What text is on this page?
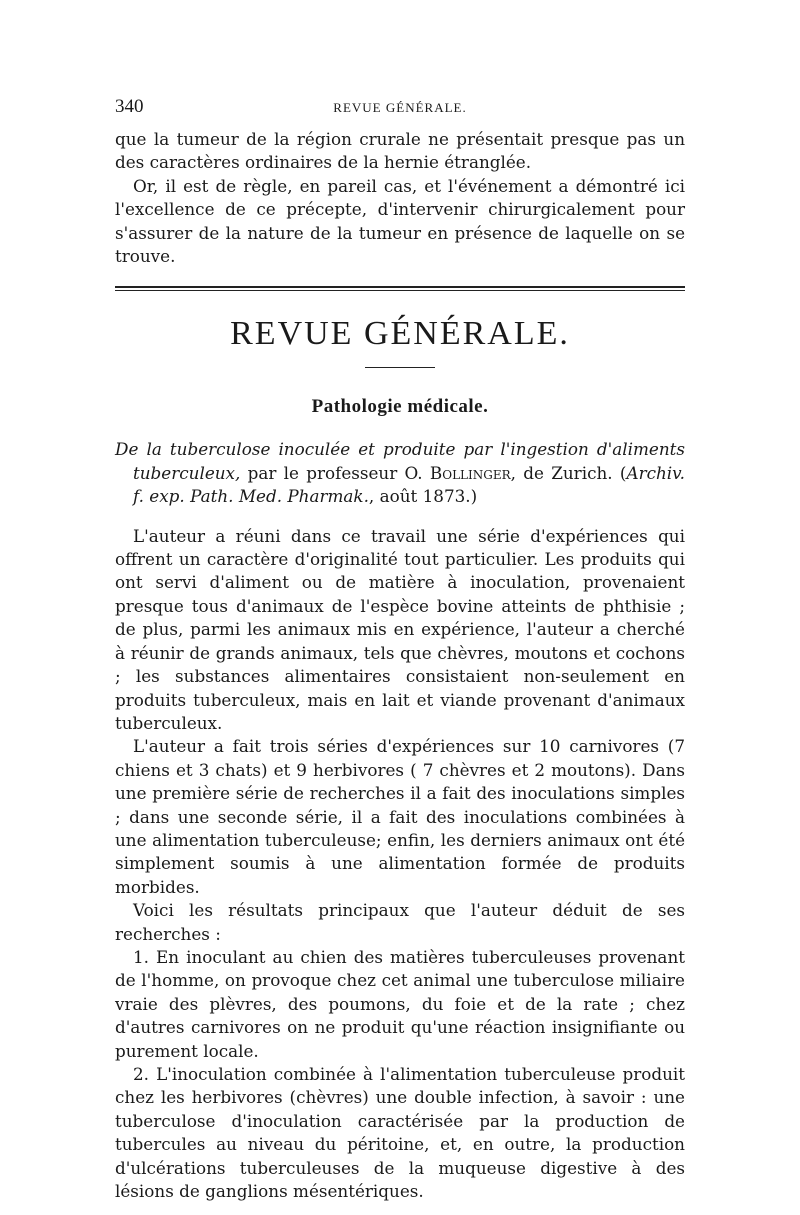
340	REVUE GÉNÉRALE.

que la tumeur de la région crurale ne présentait presque pas un des caractères ordinaires de la hernie étranglée.

Or, il est de règle, en pareil cas, et l'événement a démontré ici l'excellence de ce précepte, d'intervenir chirurgicalement pour s'assurer de la nature de la tumeur en présence de laquelle on se trouve.

REVUE GÉNÉRALE.
Pathologie médicale.

De la tuberculose inoculée et produite par l'ingestion d'aliments tuberculeux, par le professeur O. Bollinger, de Zurich. (Archiv. f. exp. Path. Med. Pharmak., août 1873.)

L'auteur a réuni dans ce travail une série d'expériences qui offrent un caractère d'originalité tout particulier. Les produits qui ont servi d'aliment ou de matière à inoculation, provenaient presque tous d'animaux de l'espèce bovine atteints de phthisie ; de plus, parmi les animaux mis en expérience, l'auteur a cherché à réunir de grands animaux, tels que chèvres, moutons et cochons ; les substances alimentaires consistaient non-seulement en produits tuberculeux, mais en lait et viande provenant d'animaux tuberculeux.

L'auteur a fait trois séries d'expériences sur 10 carnivores (7 chiens et 3 chats) et 9 herbivores ( 7 chèvres et 2 moutons). Dans une première série de recherches il a fait des inoculations simples ; dans une seconde série, il a fait des inoculations combinées à une alimentation tuberculeuse; enfin, les derniers animaux ont été simplement soumis à une alimentation formée de produits morbides.

Voici les résultats principaux que l'auteur déduit de ses recherches :

1. En inoculant au chien des matières tuberculeuses provenant de l'homme, on provoque chez cet animal une tuberculose miliaire vraie des plèvres, des poumons, du foie et de la rate ; chez d'autres carnivores on ne produit qu'une réaction insignifiante ou purement locale.

2. L'inoculation combinée à l'alimentation tuberculeuse produit chez les herbivores (chèvres) une double infection, à savoir : une tuberculose d'inoculation caractérisée par la production de tubercules au niveau du péritoine, et, en outre, la production d'ulcérations tuberculeuses de la muqueuse digestive à des lésions de ganglions mésentériques.
